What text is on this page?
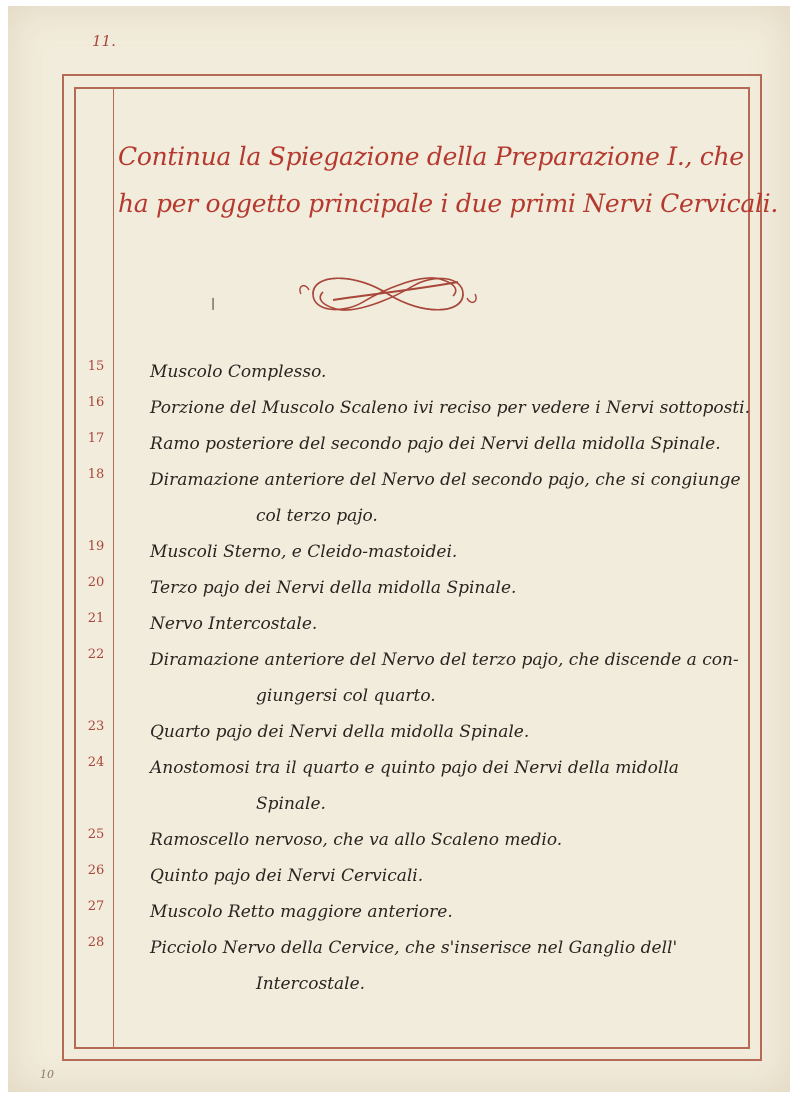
11.
Continua la Spiegazione della Preparazione I., che
ha per oggetto principale i due primi Nervi Cervicali.
❘
15	Muscolo Complesso.
16	Porzione del Muscolo Scaleno ivi reciso per vedere i Nervi sottoposti.
17	Ramo posteriore del secondo pajo dei Nervi della midolla Spinale.
18	Diramazione anteriore del Nervo del secondo pajo, che si congiunge
col terzo pajo.
19	Muscoli Sterno, e Cleido-mastoidei.
20	Terzo pajo dei Nervi della midolla Spinale.
21	Nervo Intercostale.
22	Diramazione anteriore del Nervo del terzo pajo, che discende a con-
giungersi col quarto.
23	Quarto pajo dei Nervi della midolla Spinale.
24	Anostomosi tra il quarto e quinto pajo dei Nervi della midolla
Spinale.
25	Ramoscello nervoso, che va allo Scaleno medio.
26	Quinto pajo dei Nervi Cervicali.
27	Muscolo Retto maggiore anteriore.
28	Picciolo Nervo della Cervice, che s'inserisce nel Ganglio dell'
Intercostale.
10
